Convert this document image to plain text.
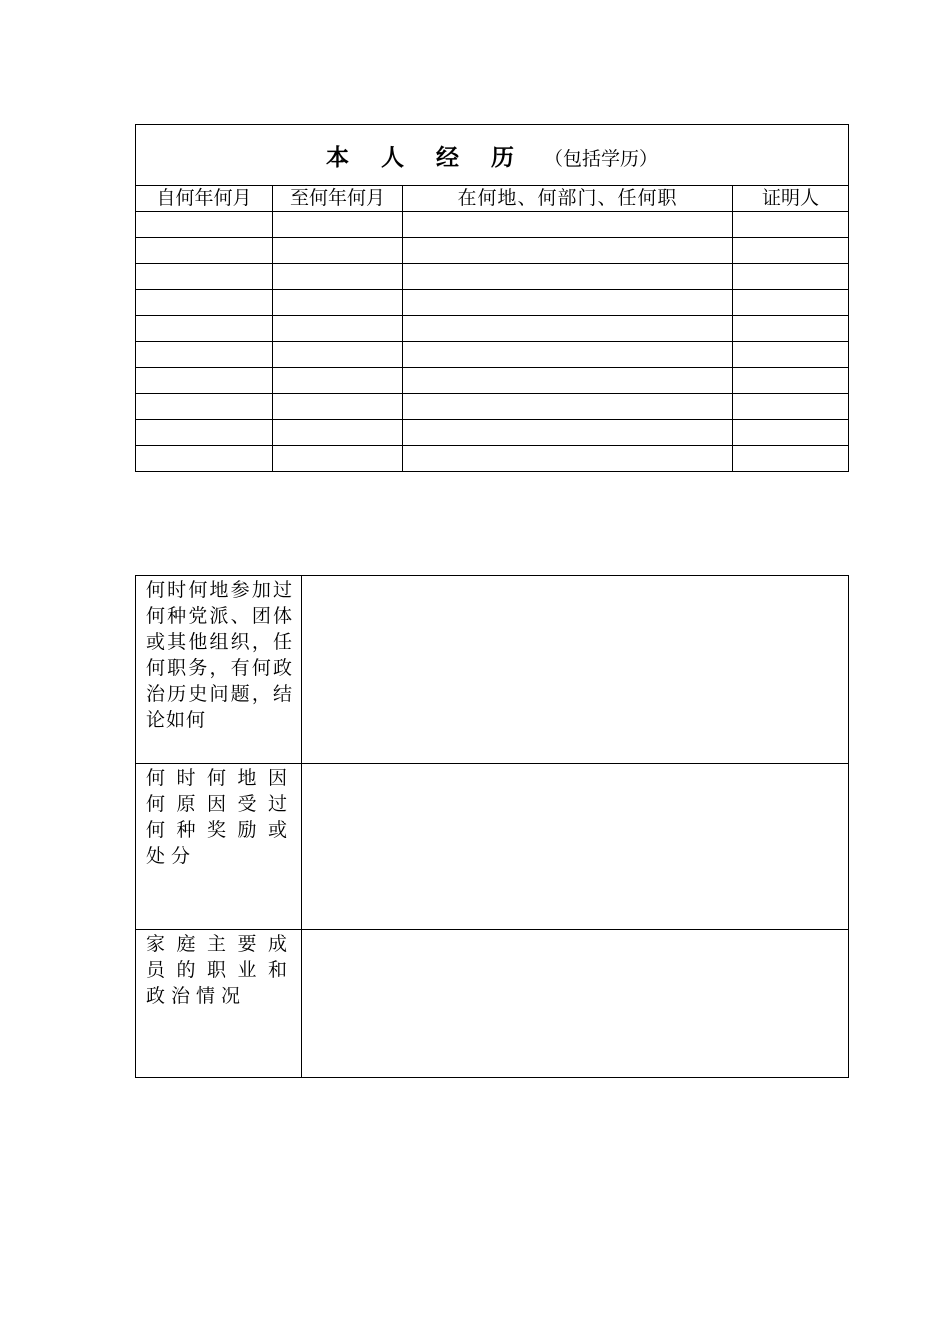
本 人 经 历 （包括学历）			
自何年何月	至何年何月	在何地、何部门、任何职	证明人

何时何地参加过何种党派、团体或其他组织，任何职务，有何政治历史问题，结论如何	
何时何地因何原因受过何种奖励或处分	
家庭主要成员的职业和政治情况	
